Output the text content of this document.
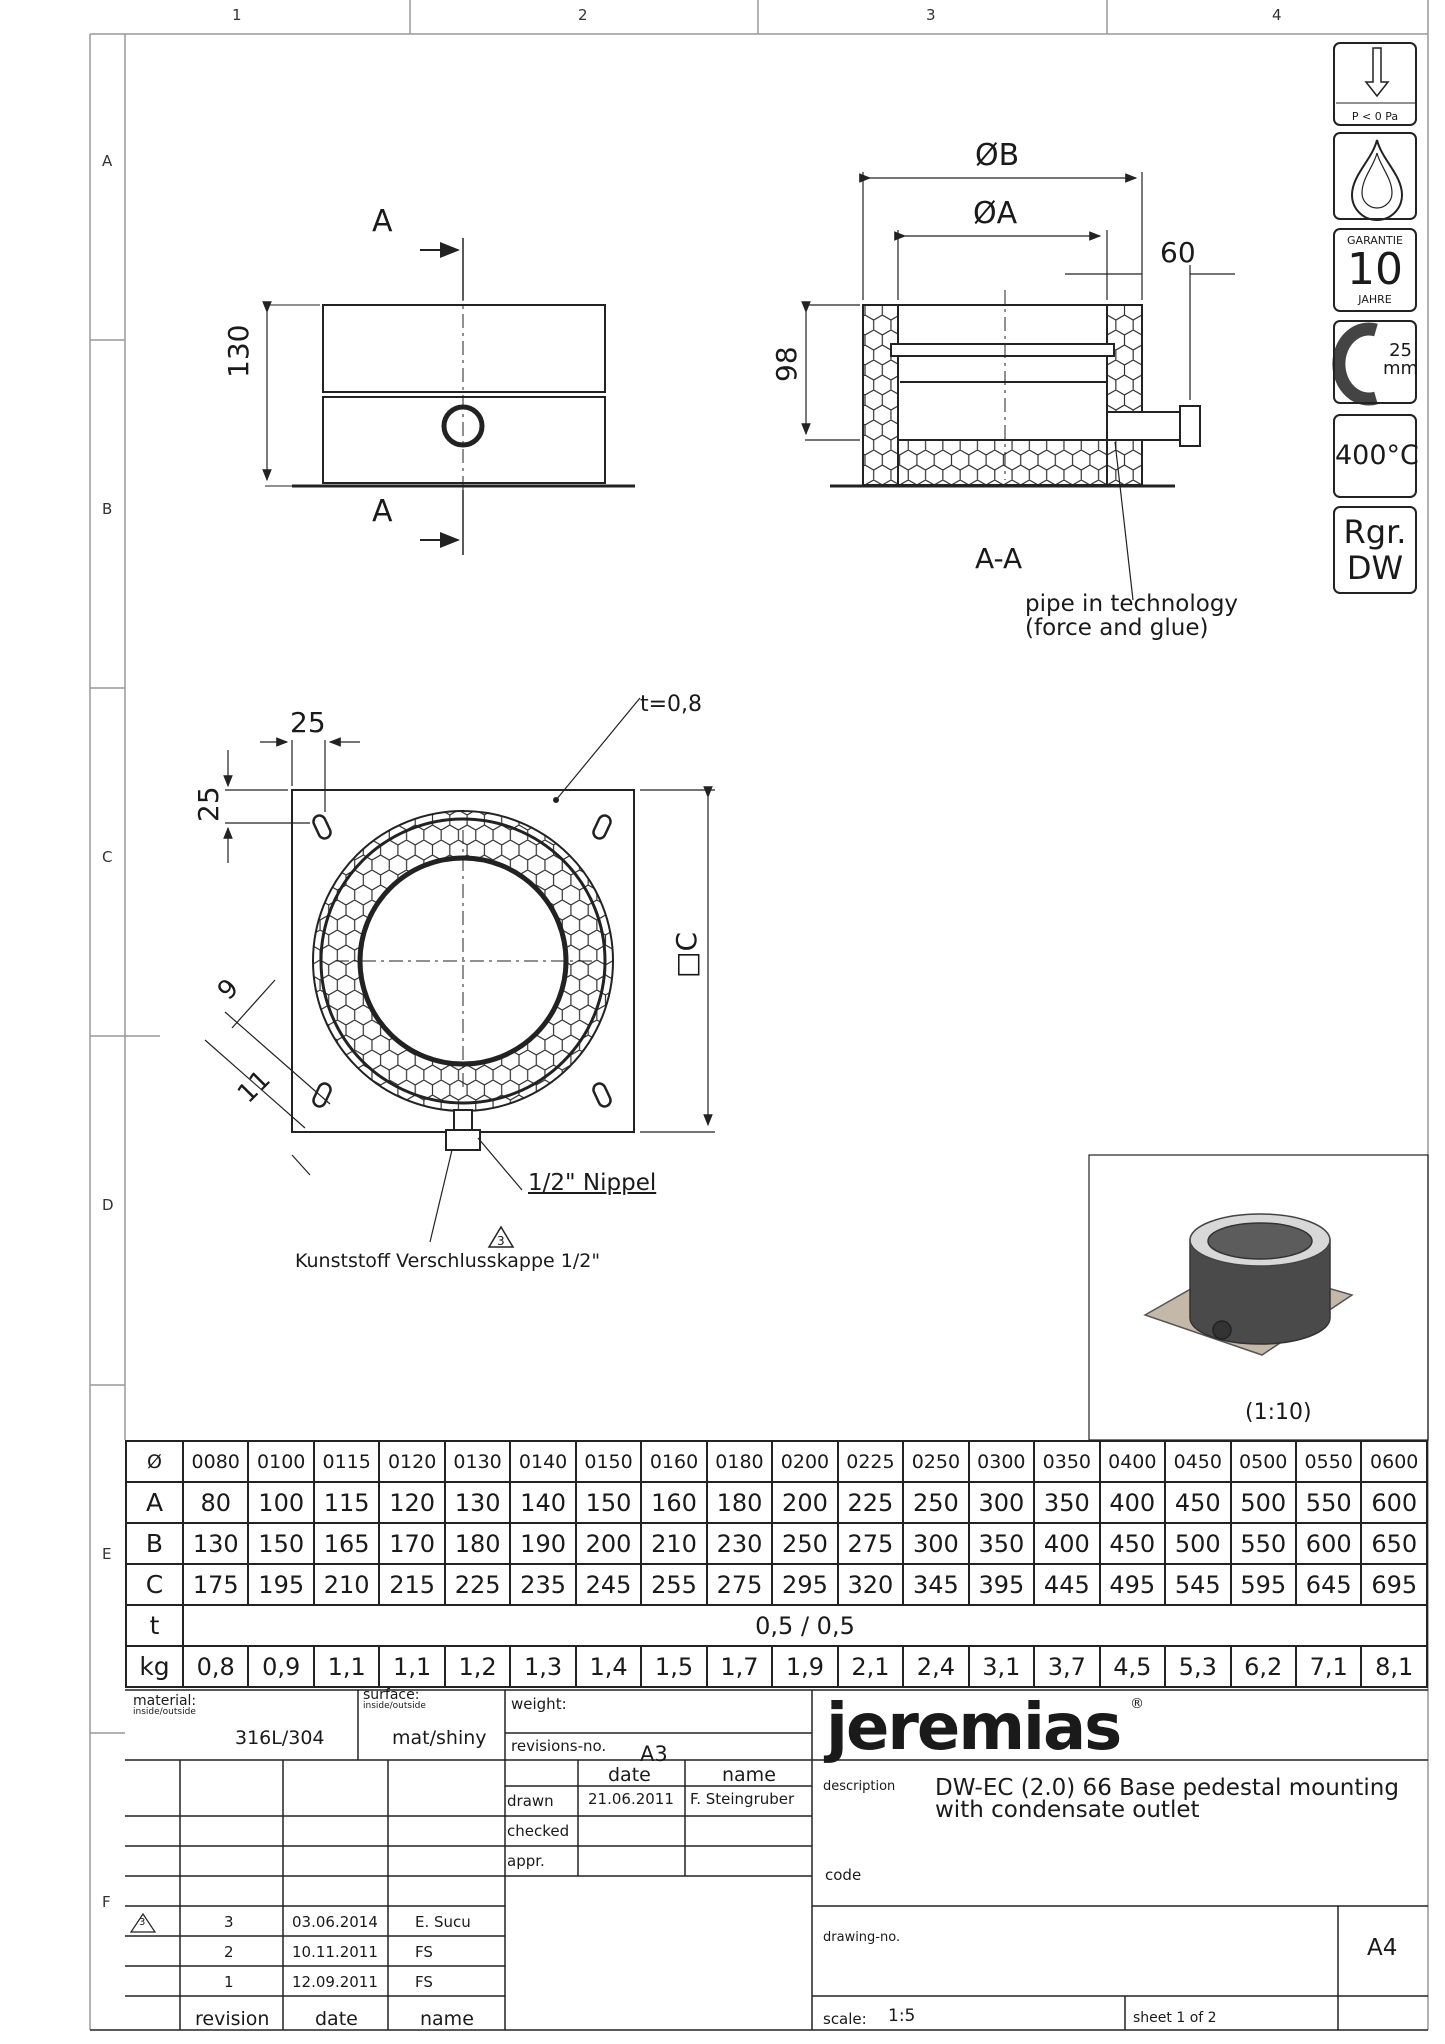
1	2	3	4
A
B
C
D
E
F
A
A
130
ØB
ØA
60
98
A-A
pipe in technology
(force and glue)
25
25
t=0,8
□C
9
11
1/2" Nippel
3
Kunststoff Verschlusskappe 1/2"
(1:10)
P < 0 Pa
GARANTIE
10
JAHRE
25
mm
400°C
Rgr.
DW
Ø	0080	0100	0115	0120	0130	0140	0150	0160	0180	0200	0225	0250	0300	0350	0400	0450	0500	0550	0600
A	80	100	115	120	130	140	150	160	180	200	225	250	300	350	400	450	500	550	600
B	130	150	165	170	180	190	200	210	230	250	275	300	350	400	450	500	550	600	650
C	175	195	210	215	225	235	245	255	275	295	320	345	395	445	495	545	595	645	695
t	0,5 / 0,5																		
kg	0,8	0,9	1,1	1,1	1,2	1,3	1,4	1,5	1,7	1,9	2,1	2,4	3,1	3,7	4,5	5,3	6,2	7,1	8,1
material:
inside/outside
316L/304
surface:
inside/outside
mat/shiny
weight:
revisions-no. A3
date	name
drawn 21.06.2011 F. Steingruber
checked
appr.
jeremias ®
description DW-EC (2.0) 66 Base pedestal mounting
with condensate outlet
code
drawing-no.	A4
scale: 1:5	sheet 1 of 2
3	3	03.06.2014 E. Sucu
2	10.11.2011 FS
1	12.09.2011 FS
revision date	name
